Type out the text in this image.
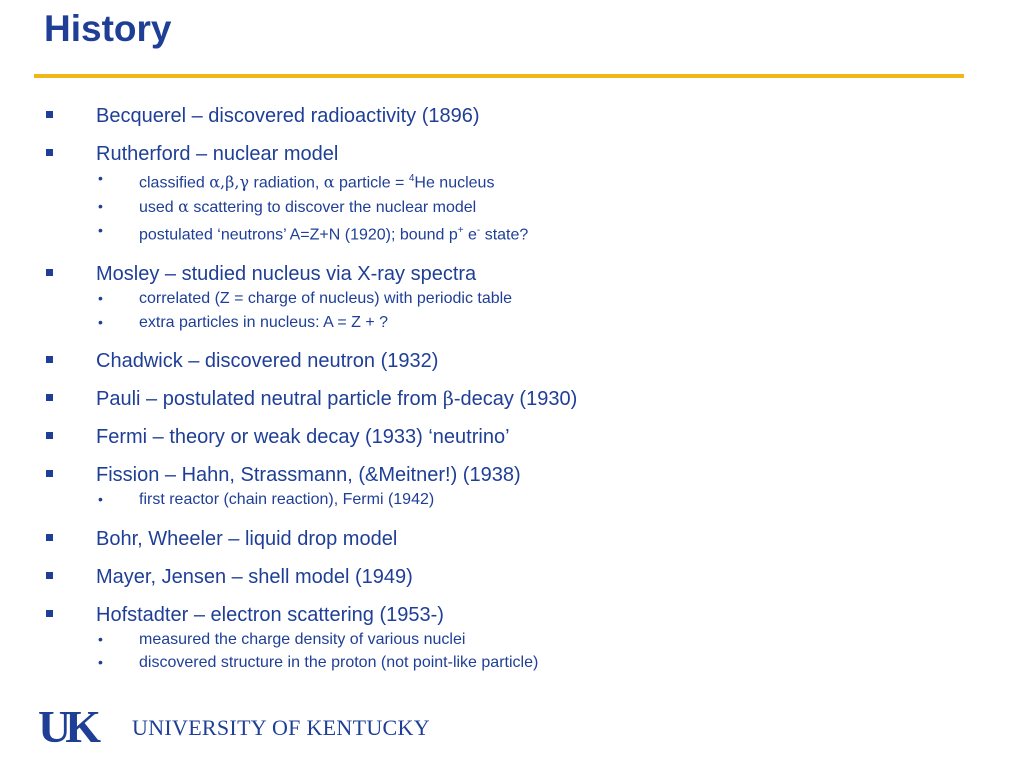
History
Becquerel – discovered radioactivity (1896)
Rutherford – nuclear model
• classified α,β,γ radiation, α particle = $^4$He nucleus
• used α scattering to discover the nuclear model
• postulated ‘neutrons’ A=Z+N (1920); bound p+ e- state?
Mosley – studied nucleus via X-ray spectra
• correlated (Z = charge of nucleus) with periodic table
• extra particles in nucleus: A = Z + ?
Chadwick – discovered neutron (1932)
Pauli – postulated neutral particle from β-decay (1930)
Fermi – theory or weak decay (1933) ‘neutrino’
Fission – Hahn, Strassmann, (&Meitner!) (1938)
• first reactor (chain reaction), Fermi (1942)
Bohr, Wheeler – liquid drop model
Mayer, Jensen – shell model (1949)
Hofstadter – electron scattering (1953-)
• measured the charge density of various nuclei
• discovered structure in the proton (not point-like particle)
UK UNIVERSITY OF KENTUCKY
